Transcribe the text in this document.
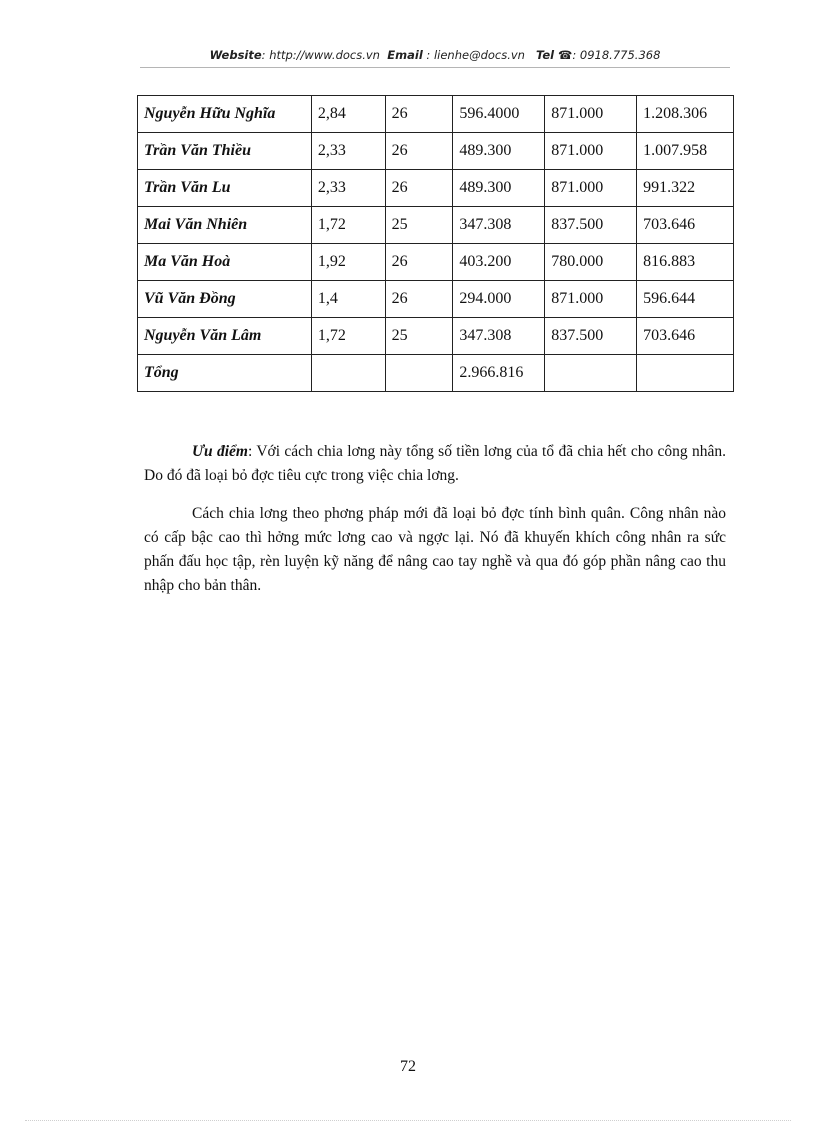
Website: http://www.docs.vn Email : lienhe@docs.vn Tel ☎: 0918.775.368
Nguyễn Hữu Nghĩa	2,84	26	596.4000	871.000	1.208.306
Trần Văn Thiều	2,33	26	489.300	871.000	1.007.958
Trần Văn Lu	2,33	26	489.300	871.000	991.322
Mai Văn Nhiên	1,72	25	347.308	837.500	703.646
Ma Văn Hoà	1,92	26	403.200	780.000	816.883
Vũ Văn Đồng	1,4	26	294.000	871.000	596.644
Nguyễn Văn Lâm	1,72	25	347.308	837.500	703.646
Tổng			2.966.816		
Ưu điểm: Với cách chia lơng này tổng số tiền lơng của tổ đã chia hết cho công nhân. Do đó đã loại bỏ đợc tiêu cực trong việc chia lơng.
Cách chia lơng theo phơng pháp mới đã loại bỏ đợc tính bình quân. Công nhân nào có cấp bậc cao thì hởng mức lơng cao và ngợc lại. Nó đã khuyến khích công nhân ra sức phấn đấu học tập, rèn luyện kỹ năng để nâng cao tay nghề và qua đó góp phần nâng cao thu nhập cho bản thân.
72
